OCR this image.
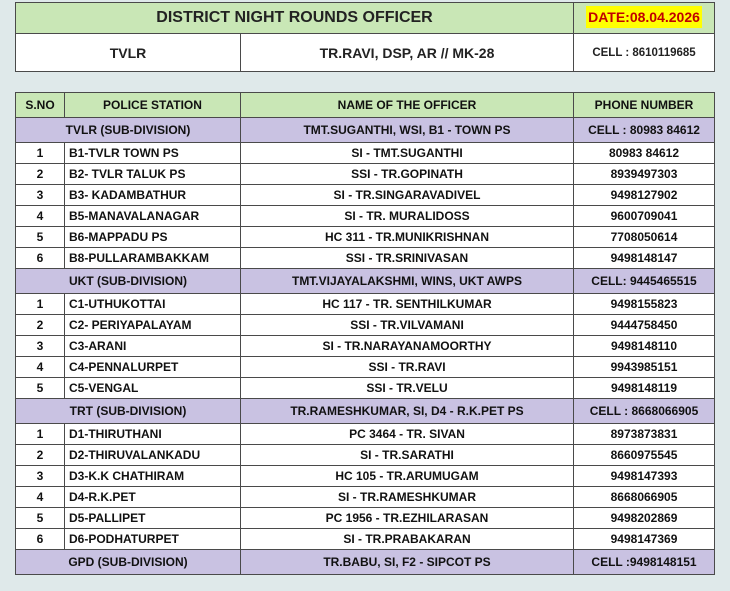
DISTRICT NIGHT ROUNDS OFFICER		DATE:08.04.2026
TVLR	TR.RAVI, DSP, AR // MK-28	CELL : 8610119685
S.NO	POLICE STATION	NAME OF THE OFFICER	PHONE NUMBER
TVLR (SUB-DIVISION)		TMT.SUGANTHI, WSI, B1 - TOWN PS	CELL : 80983 84612
1	B1-TVLR TOWN PS	SI - TMT.SUGANTHI	80983 84612
2	B2- TVLR TALUK PS	SSI - TR.GOPINATH	8939497303
3	B3- KADAMBATHUR	SI - TR.SINGARAVADIVEL	9498127902
4	B5-MANAVALANAGAR	SI - TR. MURALIDOSS	9600709041
5	B6-MAPPADU PS	HC 311 - TR.MUNIKRISHNAN	7708050614
6	B8-PULLARAMBAKKAM	SSI - TR.SRINIVASAN	9498148147
UKT (SUB-DIVISION)		TMT.VIJAYALAKSHMI, WINS, UKT AWPS	CELL: 9445465515
1	C1-UTHUKOTTAI	HC 117 - TR. SENTHILKUMAR	9498155823
2	C2- PERIYAPALAYAM	SSI - TR.VILVAMANI	9444758450
3	C3-ARANI	SI - TR.NARAYANAMOORTHY	9498148110
4	C4-PENNALURPET	SSI - TR.RAVI	9943985151
5	C5-VENGAL	SSI - TR.VELU	9498148119
TRT (SUB-DIVISION)		TR.RAMESHKUMAR, SI, D4 - R.K.PET PS	CELL : 8668066905
1	D1-THIRUTHANI	PC 3464 - TR. SIVAN	8973873831
2	D2-THIRUVALANKADU	SI - TR.SARATHI	8660975545
3	D3-K.K CHATHIRAM	HC 105 - TR.ARUMUGAM	9498147393
4	D4-R.K.PET	SI - TR.RAMESHKUMAR	8668066905
5	D5-PALLIPET	PC 1956 - TR.EZHILARASAN	9498202869
6	D6-PODHATURPET	SI - TR.PRABAKARAN	9498147369
GPD (SUB-DIVISION)		TR.BABU, SI, F2 - SIPCOT PS	CELL :9498148151
